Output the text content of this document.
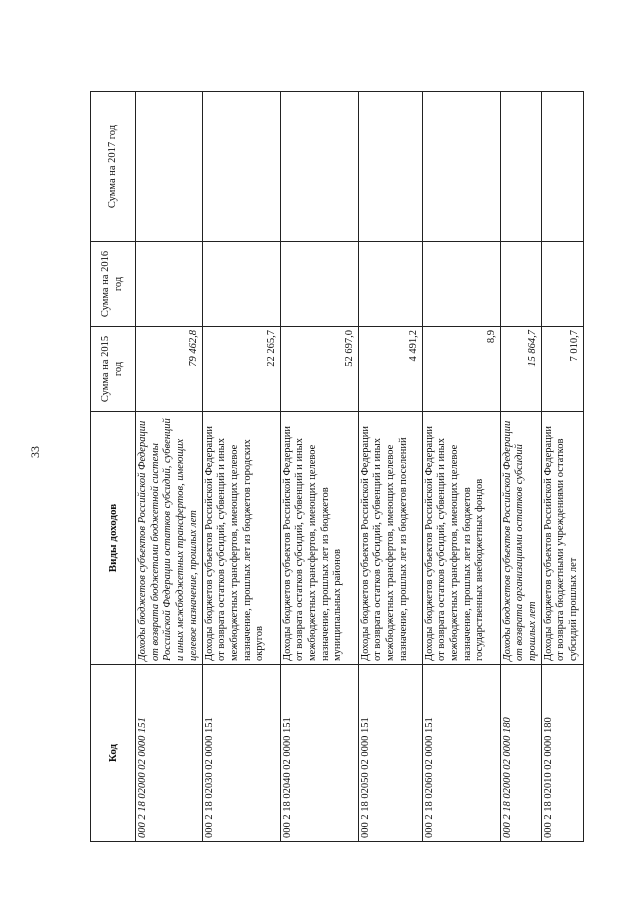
33
Код	Виды доходов	Сумма на 2015 год	Сумма на 2016 год	Сумма на 2017 год
000 2 18 02000 02 0000 151	Доходы бюджетов субъектов Российской Федерации от возврата бюджетами бюджетной системы Российской Федерации остатков субсидий, субвенций и иных межбюджетных трансфертов, имеющих целевое назначение, прошлых лет	79 462,8		
000 2 18 02030 02 0000 151	Доходы бюджетов субъектов Российской Федерации от возврата остатков субсидий, субвенций и иных межбюджетных трансфертов, имеющих целевое назначение, прошлых лет из бюджетов городских округов	22 265,7		
000 2 18 02040 02 0000 151	Доходы бюджетов субъектов Российской Федерации от возврата остатков субсидий, субвенций и иных межбюджетных трансфертов, имеющих целевое назначение, прошлых лет из бюджетов муниципальных районов	52 697,0		
000 2 18 02050 02 0000 151	Доходы бюджетов субъектов Российской Федерации от возврата остатков субсидий, субвенций и иных межбюджетных трансфертов, имеющих целевое назначение, прошлых лет из бюджетов поселений	4 491,2		
000 2 18 02060 02 0000 151	Доходы бюджетов субъектов Российской Федерации от возврата остатков субсидий, субвенций и иных межбюджетных трансфертов, имеющих целевое назначение, прошлых лет из бюджетов государственных внебюджетных фондов	8,9		
000 2 18 02000 02 0000 180	Доходы бюджетов субъектов Российской Федерации от возврата организациями остатков субсидий прошлых лет	15 864,7		
000 2 18 02010 02 0000 180	Доходы бюджетов субъектов Российской Федерации от возврата бюджетными учреждениями остатков субсидий прошлых лет	7 010,7		
